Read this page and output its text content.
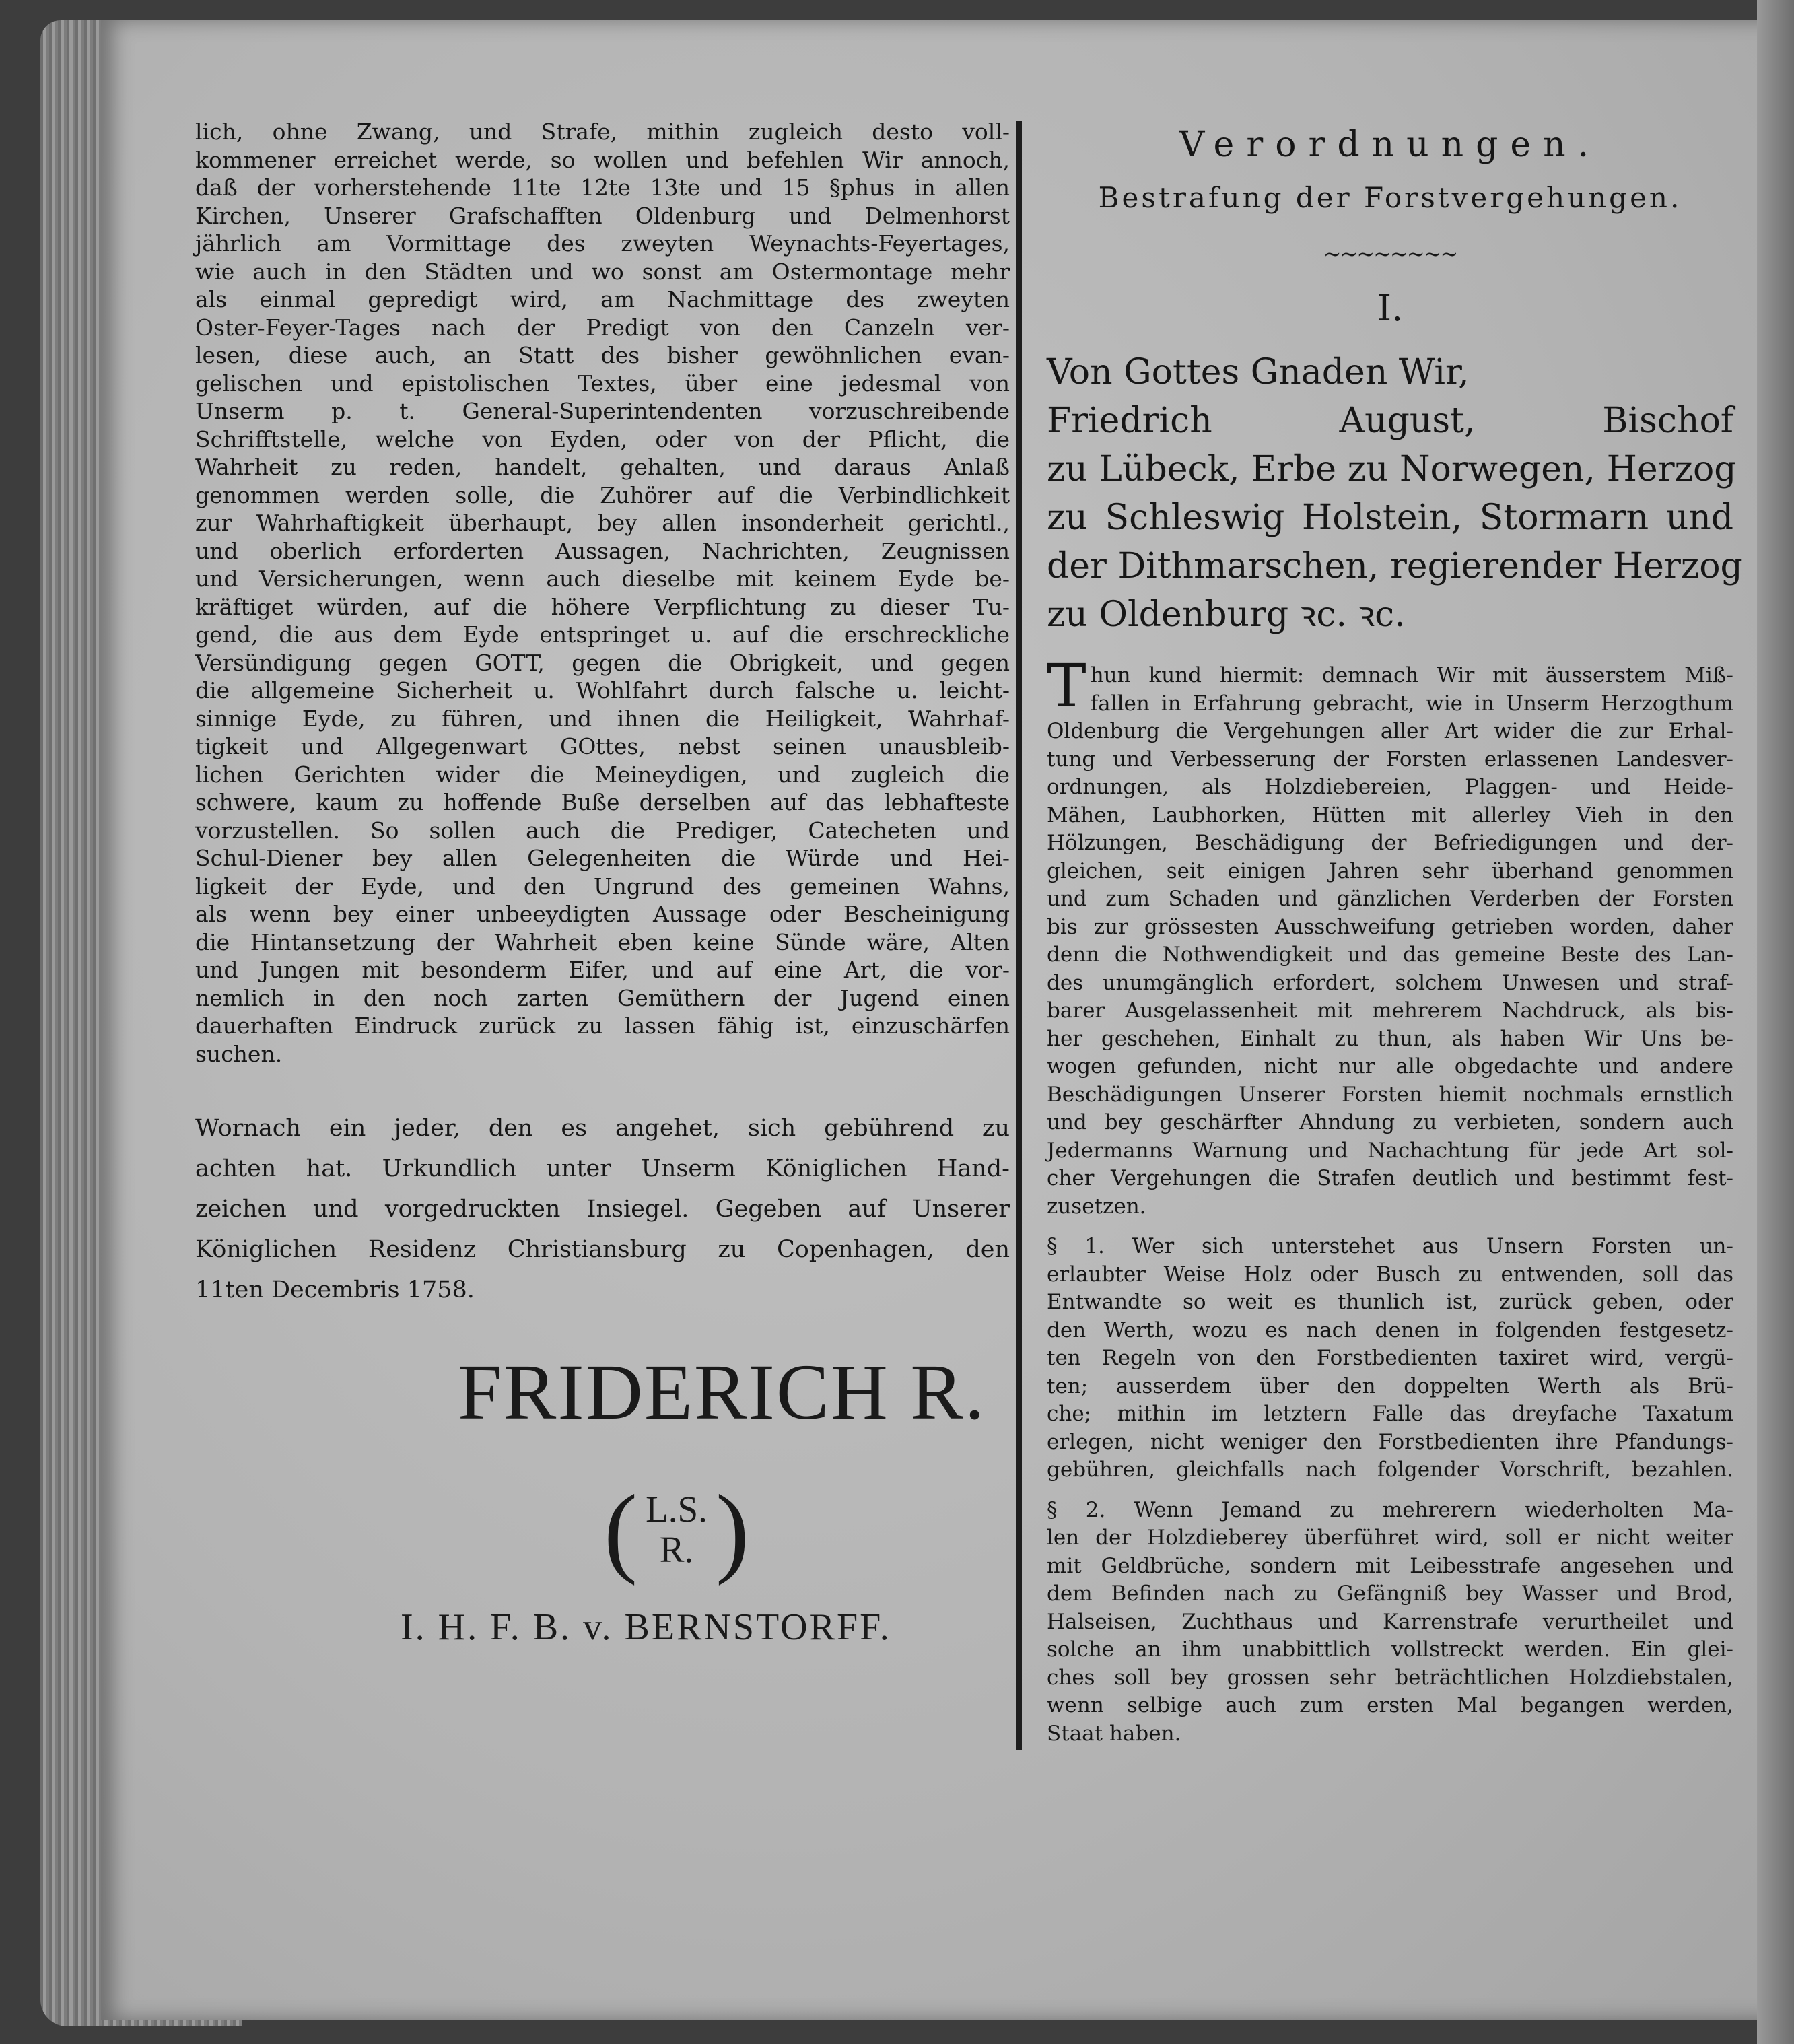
lich, ohne Zwang, und Strafe, mithin zugleich desto voll-
kommener erreichet werde, so wollen und befehlen Wir annoch,
daß der vorherstehende 11te 12te 13te und 15 §phus in allen
Kirchen, Unserer Grafschafften Oldenburg und Delmenhorst
jährlich am Vormittage des zweyten Weynachts-Feyertages,
wie auch in den Städten und wo sonst am Ostermontage mehr
als einmal gepredigt wird, am Nachmittage des zweyten
Oster-Feyer-Tages nach der Predigt von den Canzeln ver-
lesen, diese auch, an Statt des bisher gewöhnlichen evan-
gelischen und epistolischen Textes, über eine jedesmal von
Unserm p. t. General-Superintendenten vorzuschreibende
Schrifftstelle, welche von Eyden, oder von der Pflicht, die
Wahrheit zu reden, handelt, gehalten, und daraus Anlaß
genommen werden solle, die Zuhörer auf die Verbindlichkeit
zur Wahrhaftigkeit überhaupt, bey allen insonderheit gerichtl.,
und oberlich erforderten Aussagen, Nachrichten, Zeugnissen
und Versicherungen, wenn auch dieselbe mit keinem Eyde be-
kräftiget würden, auf die höhere Verpflichtung zu dieser Tu-
gend, die aus dem Eyde entspringet u. auf die erschreckliche
Versündigung gegen GOTT, gegen die Obrigkeit, und gegen
die allgemeine Sicherheit u. Wohlfahrt durch falsche u. leicht-
sinnige Eyde, zu führen, und ihnen die Heiligkeit, Wahrhaf-
tigkeit und Allgegenwart GOttes, nebst seinen unausbleib-
lichen Gerichten wider die Meineydigen, und zugleich die
schwere, kaum zu hoffende Buße derselben auf das lebhafteste
vorzustellen. So sollen auch die Prediger, Catecheten und
Schul-Diener bey allen Gelegenheiten die Würde und Hei-
ligkeit der Eyde, und den Ungrund des gemeinen Wahns,
als wenn bey einer unbeeydigten Aussage oder Bescheinigung
die Hintansetzung der Wahrheit eben keine Sünde wäre, Alten
und Jungen mit besonderm Eifer, und auf eine Art, die vor-
nemlich in den noch zarten Gemüthern der Jugend einen
dauerhaften Eindruck zurück zu lassen fähig ist, einzuschärfen
suchen.
Wornach ein jeder, den es angehet, sich gebührend zu
achten hat. Urkundlich unter Unserm Königlichen Hand-
zeichen und vorgedruckten Insiegel. Gegeben auf Unserer
Königlichen Residenz Christiansburg zu Copenhagen, den
11ten Decembris 1758.
FRIDERICH R.
( L.S.
R. )
I. H. F. B. v. BERNSTORFF.
Verordnungen.
Bestrafung der Forstvergehungen.
~~~~~~~~
I.
Von Gottes Gnaden Wir,
Friedrich August, Bischof
zu Lübeck, Erbe zu Norwegen, Herzog
zu Schleswig Holstein, Stormarn und
der Dithmarschen, regierender Herzog
zu Oldenburg ꝛc. ꝛc.
T hun kund hiermit: demnach Wir mit äusserstem Miß-
fallen in Erfahrung gebracht, wie in Unserm Herzogthum
Oldenburg die Vergehungen aller Art wider die zur Erhal-
tung und Verbesserung der Forsten erlassenen Landesver-
ordnungen, als Holzdiebereien, Plaggen- und Heide-
Mähen, Laubhorken, Hütten mit allerley Vieh in den
Hölzungen, Beschädigung der Befriedigungen und der-
gleichen, seit einigen Jahren sehr überhand genommen
und zum Schaden und gänzlichen Verderben der Forsten
bis zur grössesten Ausschweifung getrieben worden, daher
denn die Nothwendigkeit und das gemeine Beste des Lan-
des unumgänglich erfordert, solchem Unwesen und straf-
barer Ausgelassenheit mit mehrerem Nachdruck, als bis-
her geschehen, Einhalt zu thun, als haben Wir Uns be-
wogen gefunden, nicht nur alle obgedachte und andere
Beschädigungen Unserer Forsten hiemit nochmals ernstlich
und bey geschärfter Ahndung zu verbieten, sondern auch
Jedermanns Warnung und Nachachtung für jede Art sol-
cher Vergehungen die Strafen deutlich und bestimmt fest-
zusetzen.
§ 1. Wer sich unterstehet aus Unsern Forsten un-
erlaubter Weise Holz oder Busch zu entwenden, soll das
Entwandte so weit es thunlich ist, zurück geben, oder
den Werth, wozu es nach denen in folgenden festgesetz-
ten Regeln von den Forstbedienten taxiret wird, vergü-
ten; ausserdem über den doppelten Werth als Brü-
che; mithin im letztern Falle das dreyfache Taxatum
erlegen, nicht weniger den Forstbedienten ihre Pfandungs-
gebühren, gleichfalls nach folgender Vorschrift, bezahlen.
§ 2. Wenn Jemand zu mehrerern wiederholten Ma-
len der Holzdieberey überführet wird, soll er nicht weiter
mit Geldbrüche, sondern mit Leibesstrafe angesehen und
dem Befinden nach zu Gefängniß bey Wasser und Brod,
Halseisen, Zuchthaus und Karrenstrafe verurtheilet und
solche an ihm unabbittlich vollstreckt werden. Ein glei-
ches soll bey grossen sehr beträchtlichen Holzdiebstalen,
wenn selbige auch zum ersten Mal begangen werden,
Staat haben.
